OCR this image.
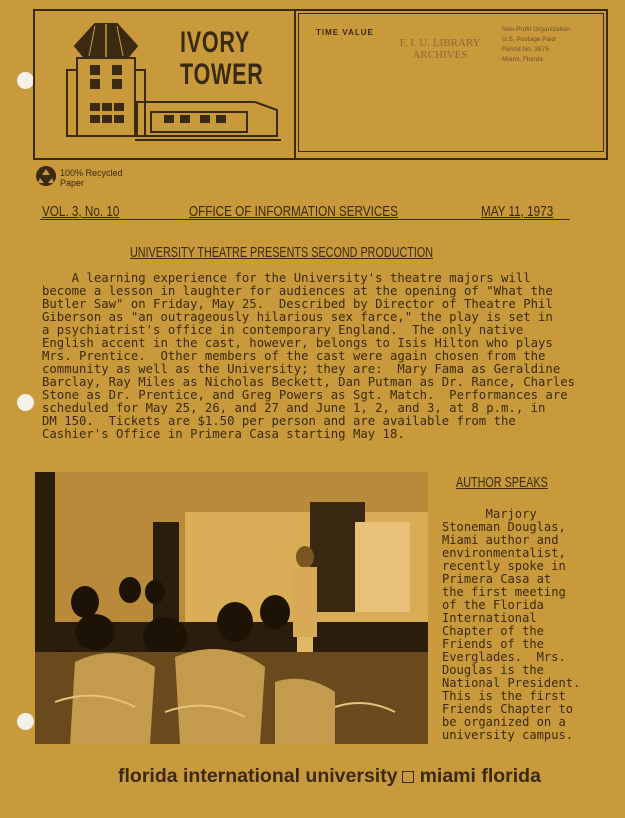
IVORY
TOWER
TIME VALUE
F. I. U. LIBRARY
ARCHIVES
Non-Profit Organization
U.S. Postage Paid
Permit No. 3675
Miami, Florida
100% Recycled
Paper
VOL. 3, No. 10	OFFICE OF INFORMATION SERVICES	MAY 11, 1973
UNIVERSITY THEATRE PRESENTS SECOND PRODUCTION
A learning experience for the University's theatre majors will
become a lesson in laughter for audiences at the opening of "What the
Butler Saw" on Friday, May 25.  Described by Director of Theatre Phil
Giberson as "an outrageously hilarious sex farce," the play is set in
a psychiatrist's office in contemporary England.  The only native
English accent in the cast, however, belongs to Isis Hilton who plays
Mrs. Prentice.  Other members of the cast were again chosen from the
community as well as the University; they are:  Mary Fama as Geraldine
Barclay, Ray Miles as Nicholas Beckett, Dan Putman as Dr. Rance, Charles
Stone as Dr. Prentice, and Greg Powers as Sgt. Match.  Performances are
scheduled for May 25, 26, and 27 and June 1, 2, and 3, at 8 p.m., in
DM 150.  Tickets are $1.50 per person and are available from the
Cashier's Office in Primera Casa starting May 18.
AUTHOR SPEAKS
Marjory
Stoneman Douglas,
Miami author and
environmentalist,
recently spoke in
Primera Casa at
the first meeting
of the Florida
International
Chapter of the
Friends of the
Everglades.  Mrs.
Douglas is the
National President.
This is the first
Friends Chapter to
be organized on a
university campus.
florida international university miami florida
